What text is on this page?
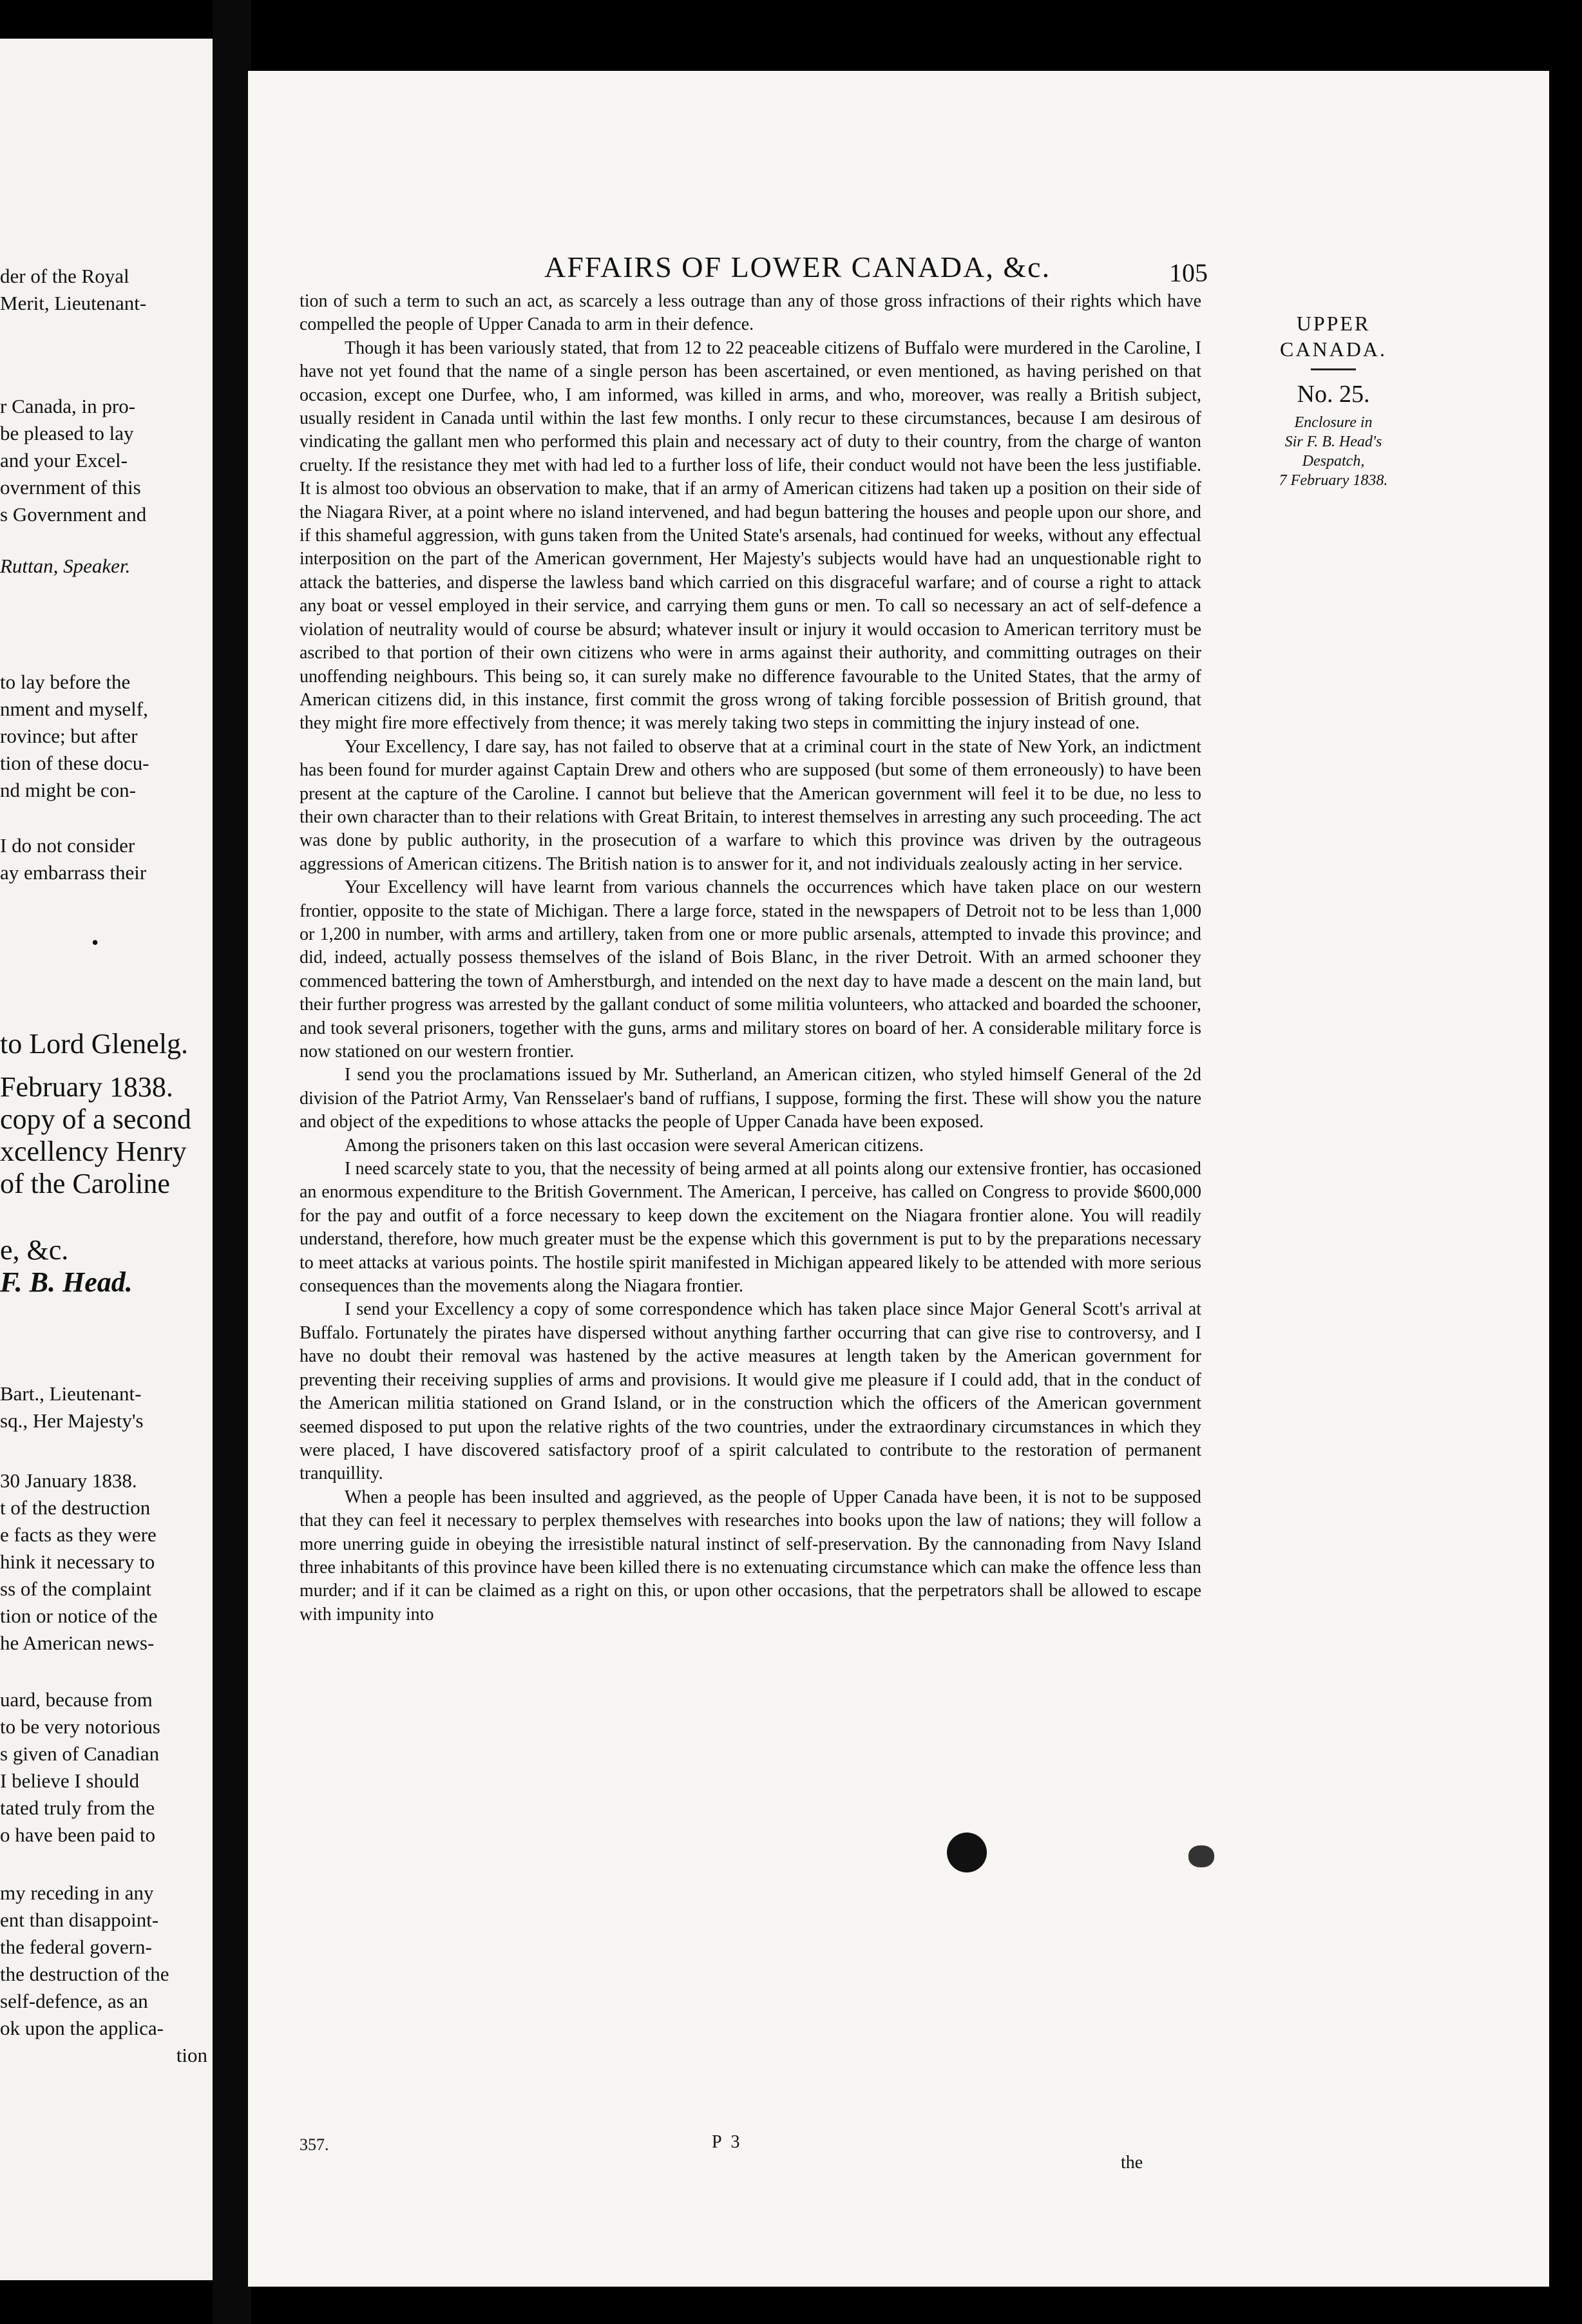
der of the Royal
Merit, Lieutenant-
r Canada, in pro-
be pleased to lay
and your Excel-
overnment of this
s Government and
Ruttan, Speaker.
to lay before the
nment and myself,
rovince; but after
tion of these docu-
nd might be con-
I do not consider
ay embarrass their
to Lord Glenelg.
February 1838.
copy of a second
xcellency Henry
of the Caroline
e, &c.
F. B. Head.
Bart., Lieutenant-
sq., Her Majesty's
30 January 1838.
t of the destruction
e facts as they were
hink it necessary to
ss of the complaint
tion or notice of the
he American news-
uard, because from
to be very notorious
s given of Canadian
I believe I should
tated truly from the
o have been paid to
my receding in any
ent than disappoint-
the federal govern-
the destruction of the
self-defence, as an
ok upon the applica-
tion
•
AFFAIRS OF LOWER CANADA, &c.	105
UPPER
CANADA.
No. 25.
Enclosure in
Sir F. B. Head's
Despatch,
7 February 1838.

tion of such a term to such an act, as scarcely a less outrage than any of those gross infractions of their rights which have compelled the people of Upper Canada to arm in their defence.

Though it has been variously stated, that from 12 to 22 peaceable citizens of Buffalo were murdered in the Caroline, I have not yet found that the name of a single person has been ascertained, or even mentioned, as having perished on that occasion, except one Durfee, who, I am informed, was killed in arms, and who, moreover, was really a British subject, usually resident in Canada until within the last few months. I only recur to these circumstances, because I am desirous of vindicating the gallant men who performed this plain and necessary act of duty to their country, from the charge of wanton cruelty. If the resistance they met with had led to a further loss of life, their conduct would not have been the less justifiable. It is almost too obvious an observation to make, that if an army of American citizens had taken up a position on their side of the Niagara River, at a point where no island intervened, and had begun battering the houses and people upon our shore, and if this shameful aggression, with guns taken from the United State's arsenals, had continued for weeks, without any effectual interposition on the part of the American government, Her Majesty's subjects would have had an unquestionable right to attack the batteries, and disperse the lawless band which carried on this disgraceful warfare; and of course a right to attack any boat or vessel employed in their service, and carrying them guns or men. To call so necessary an act of self-defence a violation of neutrality would of course be absurd; whatever insult or injury it would occasion to American territory must be ascribed to that portion of their own citizens who were in arms against their authority, and committing outrages on their unoffending neighbours. This being so, it can surely make no difference favourable to the United States, that the army of American citizens did, in this instance, first commit the gross wrong of taking forcible possession of British ground, that they might fire more effectively from thence; it was merely taking two steps in committing the injury instead of one.

Your Excellency, I dare say, has not failed to observe that at a criminal court in the state of New York, an indictment has been found for murder against Captain Drew and others who are supposed (but some of them erroneously) to have been present at the capture of the Caroline. I cannot but believe that the American government will feel it to be due, no less to their own character than to their relations with Great Britain, to interest themselves in arresting any such proceeding. The act was done by public authority, in the prosecution of a warfare to which this province was driven by the outrageous aggressions of American citizens. The British nation is to answer for it, and not individuals zealously acting in her service.

Your Excellency will have learnt from various channels the occurrences which have taken place on our western frontier, opposite to the state of Michigan. There a large force, stated in the newspapers of Detroit not to be less than 1,000 or 1,200 in number, with arms and artillery, taken from one or more public arsenals, attempted to invade this province; and did, indeed, actually possess themselves of the island of Bois Blanc, in the river Detroit. With an armed schooner they commenced battering the town of Amherstburgh, and intended on the next day to have made a descent on the main land, but their further progress was arrested by the gallant conduct of some militia volunteers, who attacked and boarded the schooner, and took several prisoners, together with the guns, arms and military stores on board of her. A considerable military force is now stationed on our western frontier.

I send you the proclamations issued by Mr. Sutherland, an American citizen, who styled himself General of the 2d division of the Patriot Army, Van Rensselaer's band of ruffians, I suppose, forming the first. These will show you the nature and object of the expeditions to whose attacks the people of Upper Canada have been exposed.

Among the prisoners taken on this last occasion were several American citizens.

I need scarcely state to you, that the necessity of being armed at all points along our extensive frontier, has occasioned an enormous expenditure to the British Government. The American, I perceive, has called on Congress to provide $600,000 for the pay and outfit of a force necessary to keep down the excitement on the Niagara frontier alone. You will readily understand, therefore, how much greater must be the expense which this government is put to by the preparations necessary to meet attacks at various points. The hostile spirit manifested in Michigan appeared likely to be attended with more serious consequences than the movements along the Niagara frontier.

I send your Excellency a copy of some correspondence which has taken place since Major General Scott's arrival at Buffalo. Fortunately the pirates have dispersed without anything farther occurring that can give rise to controversy, and I have no doubt their removal was hastened by the active measures at length taken by the American government for preventing their receiving supplies of arms and provisions. It would give me pleasure if I could add, that in the conduct of the American militia stationed on Grand Island, or in the construction which the officers of the American government seemed disposed to put upon the relative rights of the two countries, under the extraordinary circumstances in which they were placed, I have discovered satisfactory proof of a spirit calculated to contribute to the restoration of permanent tranquillity.

When a people has been insulted and aggrieved, as the people of Upper Canada have been, it is not to be supposed that they can feel it necessary to perplex themselves with researches into books upon the law of nations; they will follow a more unerring guide in obeying the irresistible natural instinct of self-preservation. By the cannonading from Navy Island three inhabitants of this province have been killed there is no extenuating circumstance which can make the offence less than murder; and if it can be claimed as a right on this, or upon other occasions, that the perpetrators shall be allowed to escape with impunity into

357.	P 3
the
